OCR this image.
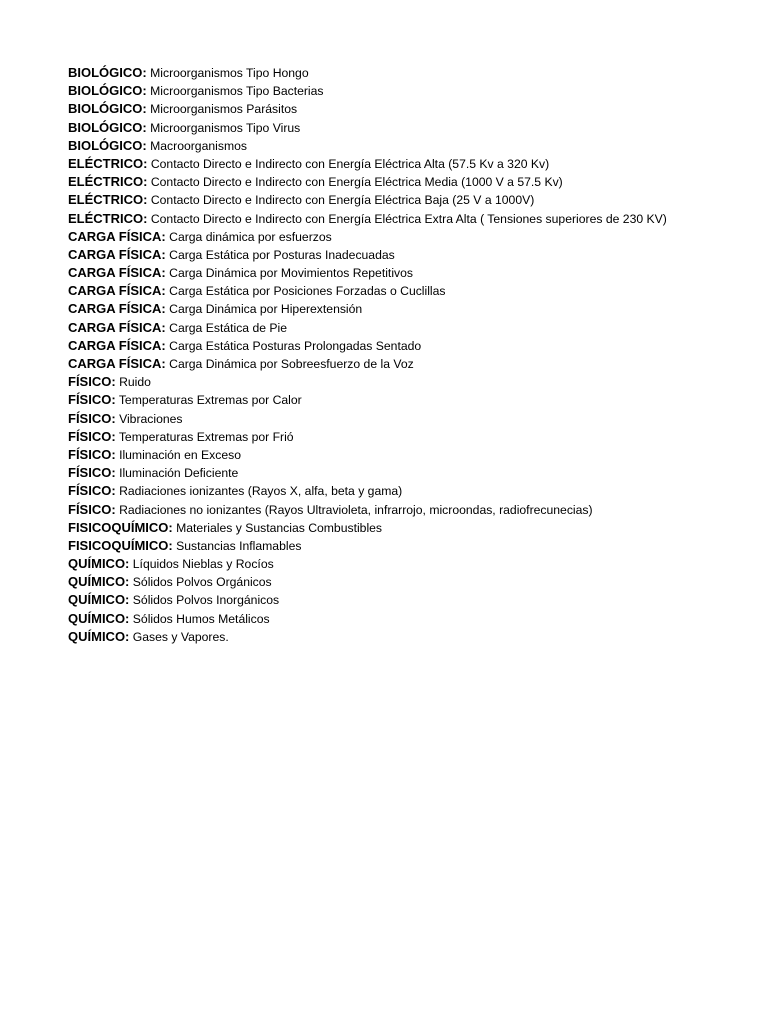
BIOLÓGICO: Microorganismos Tipo Hongo
BIOLÓGICO: Microorganismos Tipo Bacterias
BIOLÓGICO: Microorganismos Parásitos
BIOLÓGICO: Microorganismos Tipo Virus
BIOLÓGICO: Macroorganismos
ELÉCTRICO: Contacto Directo e Indirecto con Energía Eléctrica Alta (57.5 Kv a 320 Kv)
ELÉCTRICO: Contacto Directo e Indirecto con Energía Eléctrica Media (1000 V a 57.5 Kv)
ELÉCTRICO: Contacto Directo e Indirecto con Energía Eléctrica Baja (25 V a 1000V)
ELÉCTRICO: Contacto Directo e Indirecto con Energía Eléctrica Extra Alta ( Tensiones superiores de 230 KV)
CARGA FÍSICA: Carga dinámica por esfuerzos
CARGA FÍSICA: Carga Estática por Posturas Inadecuadas
CARGA FÍSICA: Carga Dinámica por Movimientos Repetitivos
CARGA FÍSICA: Carga Estática por Posiciones Forzadas o Cuclillas
CARGA FÍSICA: Carga Dinámica por Hiperextensión
CARGA FÍSICA: Carga Estática de Pie
CARGA FÍSICA: Carga Estática Posturas Prolongadas Sentado
CARGA FÍSICA: Carga Dinámica por Sobreesfuerzo de la Voz
FÍSICO: Ruido
FÍSICO: Temperaturas Extremas por Calor
FÍSICO: Vibraciones
FÍSICO: Temperaturas Extremas por Frió
FÍSICO: Iluminación en Exceso
FÍSICO: Iluminación Deficiente
FÍSICO: Radiaciones ionizantes (Rayos X, alfa, beta y gama)
FÍSICO: Radiaciones no ionizantes (Rayos Ultravioleta, infrarrojo, microondas, radiofrecunecias)
FISICOQUÍMICO: Materiales y Sustancias Combustibles
FISICOQUÍMICO: Sustancias Inflamables
QUÍMICO: Líquidos Nieblas y Rocíos
QUÍMICO: Sólidos Polvos Orgánicos
QUÍMICO: Sólidos Polvos Inorgánicos
QUÍMICO: Sólidos Humos Metálicos
QUÍMICO: Gases y Vapores.
